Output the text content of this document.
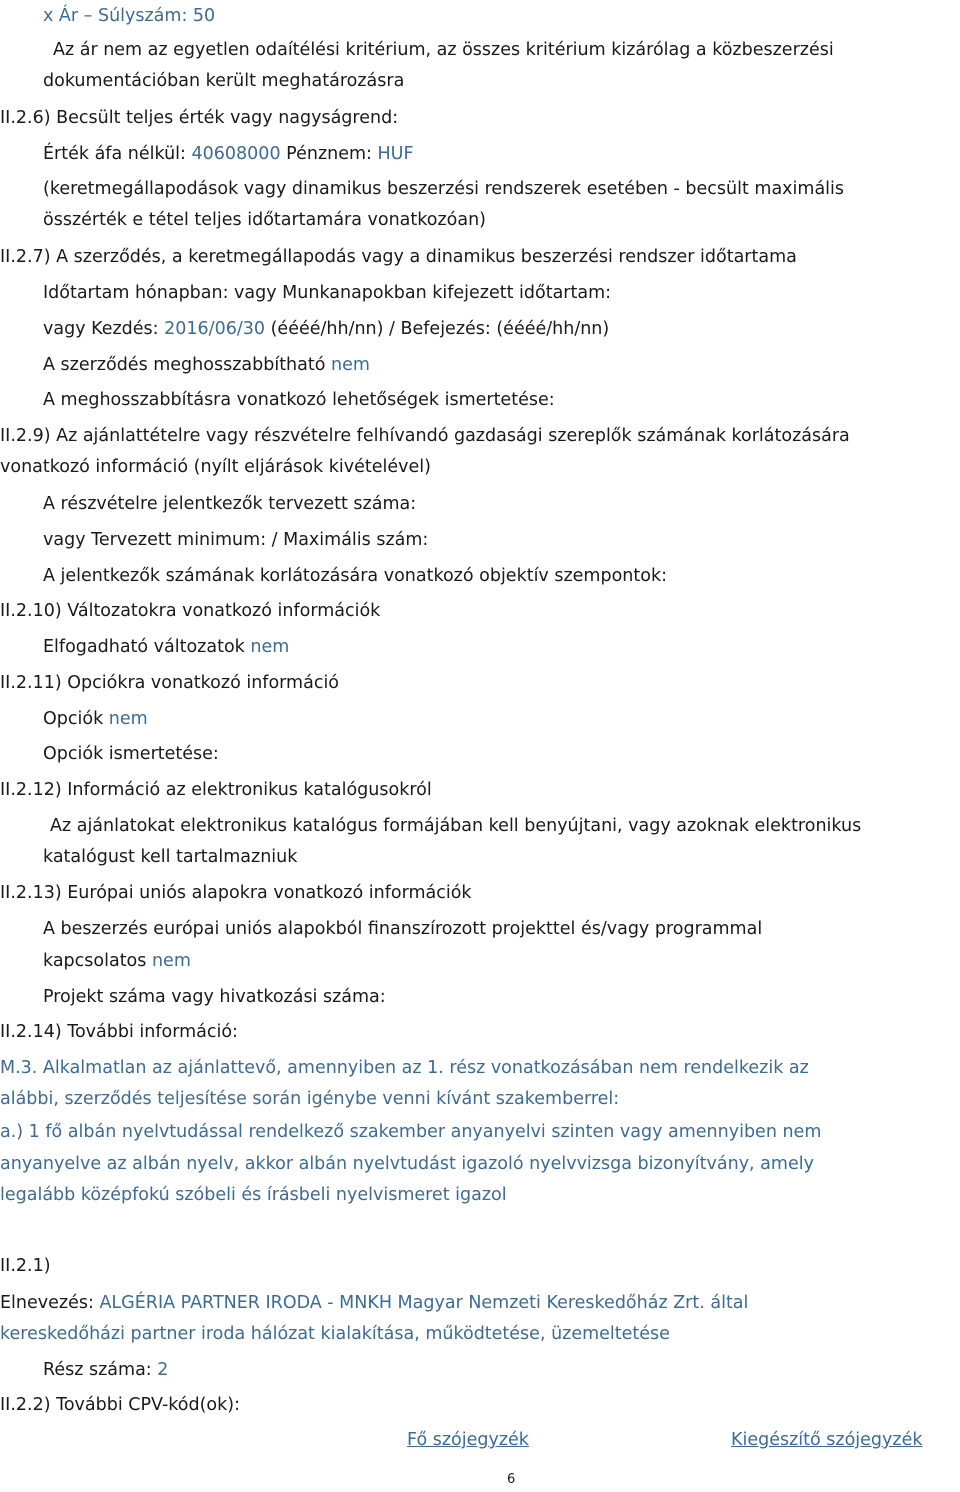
x Ár – Súlyszám: 50
Az ár nem az egyetlen odaítélési kritérium, az összes kritérium kizárólag a közbeszerzési
dokumentációban került meghatározásra
II.2.6) Becsült teljes érték vagy nagyságrend:
Érték áfa nélkül: 40608000 Pénznem: HUF
(keretmegállapodások vagy dinamikus beszerzési rendszerek esetében - becsült maximális
összérték e tétel teljes időtartamára vonatkozóan)
II.2.7) A szerződés, a keretmegállapodás vagy a dinamikus beszerzési rendszer időtartama
Időtartam hónapban: vagy Munkanapokban kifejezett időtartam:
vagy Kezdés: 2016/06/30 (éééé/hh/nn) / Befejezés: (éééé/hh/nn)
A szerződés meghosszabbítható nem
A meghosszabbításra vonatkozó lehetőségek ismertetése:
II.2.9) Az ajánlattételre vagy részvételre felhívandó gazdasági szereplők számának korlátozására
vonatkozó információ (nyílt eljárások kivételével)
A részvételre jelentkezők tervezett száma:
vagy Tervezett minimum: / Maximális szám:
A jelentkezők számának korlátozására vonatkozó objektív szempontok:
II.2.10) Változatokra vonatkozó információk
Elfogadható változatok nem
II.2.11) Opciókra vonatkozó információ
Opciók nem
Opciók ismertetése:
II.2.12) Információ az elektronikus katalógusokról
Az ajánlatokat elektronikus katalógus formájában kell benyújtani, vagy azoknak elektronikus
katalógust kell tartalmazniuk
II.2.13) Európai uniós alapokra vonatkozó információk
A beszerzés európai uniós alapokból finanszírozott projekttel és/vagy programmal
kapcsolatos nem
Projekt száma vagy hivatkozási száma:
II.2.14) További információ:
M.3. Alkalmatlan az ajánlattevő, amennyiben az 1. rész vonatkozásában nem rendelkezik az
alábbi, szerződés teljesítése során igénybe venni kívánt szakemberrel:
a.) 1 fő albán nyelvtudással rendelkező szakember anyanyelvi szinten vagy amennyiben nem
anyanyelve az albán nyelv, akkor albán nyelvtudást igazoló nyelvvizsga bizonyítvány, amely
legalább középfokú szóbeli és írásbeli nyelvismeret igazol
II.2.1)
Elnevezés: ALGÉRIA PARTNER IRODA - MNKH Magyar Nemzeti Kereskedőház Zrt. által
kereskedőházi partner iroda hálózat kialakítása, működtetése, üzemeltetése
Rész száma: 2
II.2.2) További CPV-kód(ok):
Fő szójegyzék	Kiegészítő szójegyzék
6
